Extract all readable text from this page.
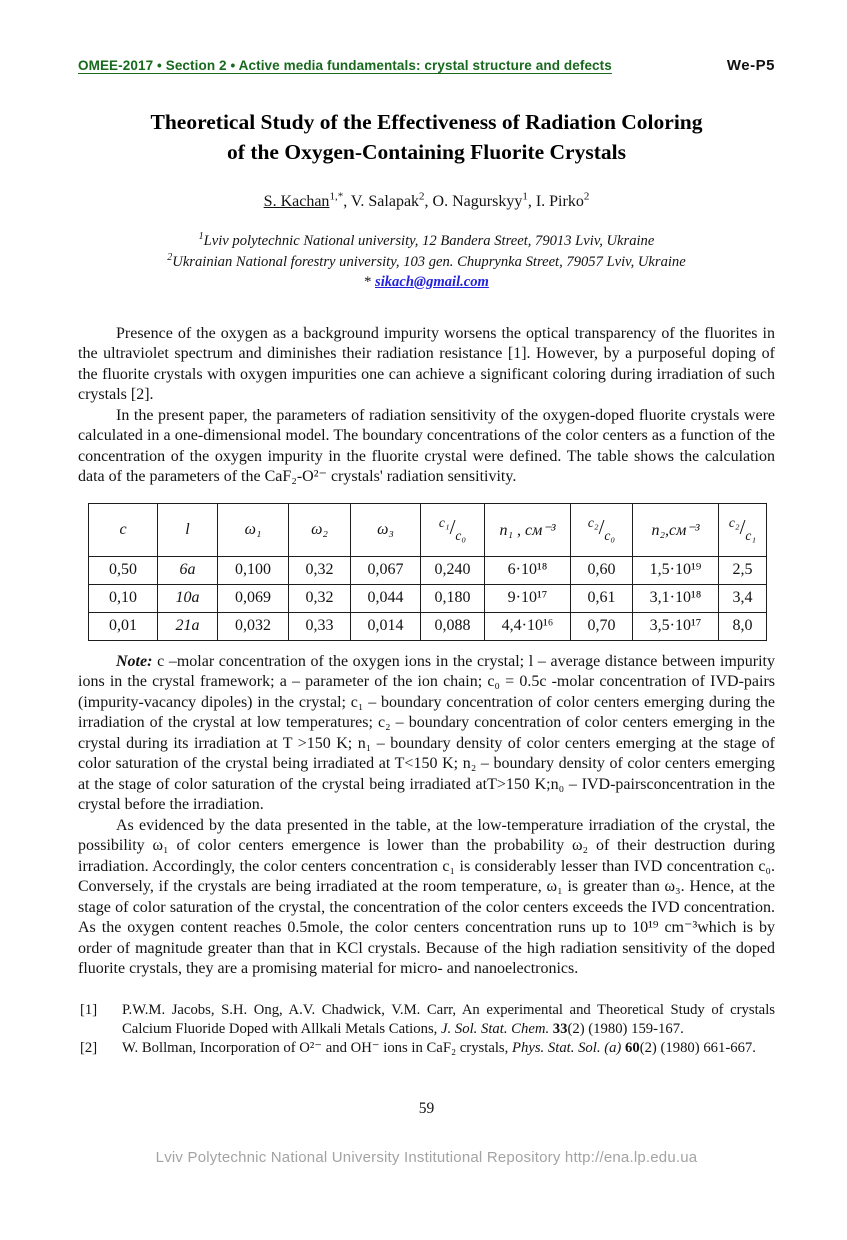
OMEE-2017 • Section 2 • Active media fundamentals: crystal structure and defects	We-P5
Theoretical Study of the Effectiveness of Radiation Coloring
of the Oxygen-Containing Fluorite Crystals
S. Kachan$^{1,*}$, V. Salapak$^2$, O. Nagurskyy$^1$, I. Pirko$^2$
$^1$Lviv polytechnic National university, 12 Bandera Street, 79013 Lviv, Ukraine
$^2$Ukrainian National forestry university, 103 gen. Chuprynka Street, 79057 Lviv, Ukraine
* sikach@gmail.com

Presence of the oxygen as a background impurity worsens the optical transparency of the fluorites in the ultraviolet spectrum and diminishes their radiation resistance [1]. However, by a purposeful doping of the fluorite crystals with oxygen impurities one can achieve a significant coloring during irradiation of such crystals [2].

In the present paper, the parameters of radiation sensitivity of the oxygen-doped fluorite crystals were calculated in a one-dimensional model. The boundary concentrations of the color centers as a function of the concentration of the oxygen impurity in the fluorite crystal were defined. The table shows the calculation data of the parameters of the CaF₂-O²⁻ crystals' radiation sensitivity.

c	l	ω₁	ω₂	ω₃	$^{c_1}/_{c_0}$	n₁ , см⁻³	$^{c_2}/_{c_0}$	n₂,см⁻³	$^{c_2}/_{c_1}$
0,50	6a	0,100	0,32	0,067	0,240	6·10¹⁸	0,60	1,5·10¹⁹	2,5
0,10	10a	0,069	0,32	0,044	0,180	9·10¹⁷	0,61	3,1·10¹⁸	3,4
0,01	21a	0,032	0,33	0,014	0,088	4,4·10¹⁶	0,70	3,5·10¹⁷	8,0

Note: c –molar concentration of the oxygen ions in the crystal; l – average distance between impurity ions in the crystal framework; a – parameter of the ion chain; c₀ = 0.5c -molar concentration of IVD-pairs (impurity-vacancy dipoles) in the crystal; c₁ – boundary concentration of color centers emerging during the irradiation of the crystal at low temperatures; c₂ – boundary concentration of color centers emerging in the crystal during its irradiation at T >150 K; n₁ – boundary density of color centers emerging at the stage of color saturation of the crystal being irradiated at T<150 K; n₂ – boundary density of color centers emerging at the stage of color saturation of the crystal being irradiated atT>150 K;n₀ – IVD-pairsconcentration in the crystal before the irradiation.

As evidenced by the data presented in the table, at the low-temperature irradiation of the crystal, the possibility ω₁ of color centers emergence is lower than the probability ω₂ of their destruction during irradiation. Accordingly, the color centers concentration c₁ is considerably lesser than IVD concentration c₀. Conversely, if the crystals are being irradiated at the room temperature, ω₁ is greater than ω₃. Hence, at the stage of color saturation of the crystal, the concentration of the color centers exceeds the IVD concentration. As the oxygen content reaches 0.5mole, the color centers concentration runs up to 10¹⁹ cm⁻³which is by order of magnitude greater than that in KCl crystals. Because of the high radiation sensitivity of the doped fluorite crystals, they are a promising material for micro- and nanoelectronics.

[1] P.W.M. Jacobs, S.H. Ong, A.V. Chadwick, V.M. Carr, An experimental and Theoretical Study of crystals Calcium Fluoride Doped with Allkali Metals Cations, J. Sol. Stat. Chem. 33(2) (1980) 159-167.
[2] W. Bollman, Incorporation of O²⁻ and OH⁻ ions in CaF₂ crystals, Phys. Stat. Sol. (a) 60(2) (1980) 661-667.
59
Lviv Polytechnic National University Institutional Repository http://ena.lp.edu.ua
